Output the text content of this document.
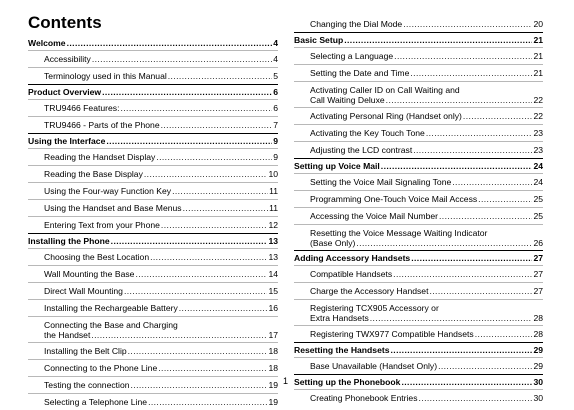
Contents
Welcome .....	4
Accessibility .....	4
Terminology used in this Manual .....	5
Product Overview .....	6
TRU9466 Features: .....	6
TRU9466 - Parts of the Phone .....	7
Using the Interface .....	9
Reading the Handset Display .....	9
Reading the Base Display .....	10
Using the Four-way Function Key .....	11
Using the Handset and Base Menus .....	11
Entering Text from your Phone .....	12
Installing the Phone .....	13
Choosing the Best Location .....	13
Wall Mounting the Base .....	14
Direct Wall Mounting .....	15
Installing the Rechargeable Battery .....	16
Connecting the Base and Charging
the Handset .....	17
Installing the Belt Clip .....	18
Connecting to the Phone Line .....	18
Testing the connection .....	19
Selecting a Telephone Line .....	19
Changing the Dial Mode .....	20
Basic Setup .....	21
Selecting a Language .....	21
Setting the Date and Time .....	21
Activating Caller ID on Call Waiting and
Call Waiting Deluxe .....	22
Activating Personal Ring (Handset only) .....	22
Activating the Key Touch Tone .....	23
Adjusting the LCD contrast .....	23
Setting up Voice Mail .....	24
Setting the Voice Mail Signaling Tone .....	24
Programming One-Touch Voice Mail Access .....	25
Accessing the Voice Mail Number .....	25
Resetting the Voice Message Waiting Indicator
(Base Only) .....	26
Adding Accessory Handsets .....	27
Compatible Handsets .....	27
Charge the Accessory Handset .....	27
Registering TCX905 Accessory or
Extra Handsets .....	28
Registering TWX977 Compatible Handsets .....	28
Resetting the Handsets .....	29
Base Unavailable (Handset Only) .....	29
Setting up the Phonebook .....	30
Creating Phonebook Entries .....	30
1
